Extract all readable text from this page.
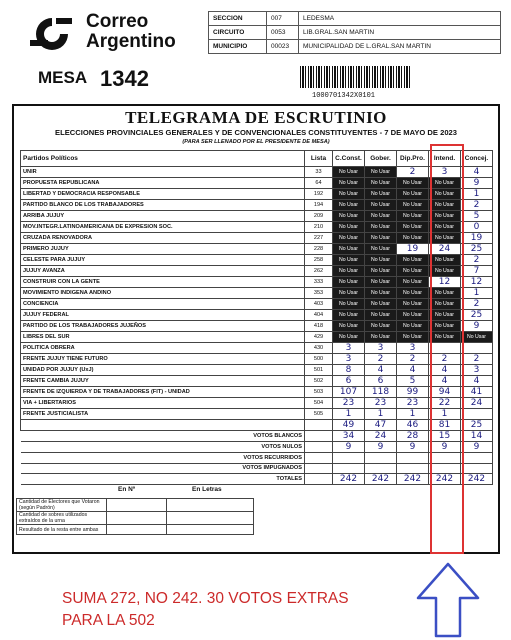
Correo
Argentino
SECCION	007	LEDESMA
CIRCUITO	0053	LIB.GRAL.SAN MARTIN
MUNICIPIO	00023	MUNICIPALIDAD DE L.GRAL.SAN MARTIN
MESA 1342
1000701342X0101
TELEGRAMA DE ESCRUTINIO
ELECCIONES PROVINCIALES GENERALES Y DE CONVENCIONALES CONSTITUYENTES - 7 DE MAYO DE 2023
(PARA SER LLENADO POR EL PRESIDENTE DE MESA)
Partidos Políticos	Lista	C.Const.	Gober.	Dip.Pro.	Intend.	Concej.
UNIR	33	No Usar	No Usar	2	3	4
PROPUESTA REPUBLICANA	64	No Usar	No Usar	No Usar	No Usar	9
LIBERTAD Y DEMOCRACIA RESPONSABLE	192	No Usar	No Usar	No Usar	No Usar	1
PARTIDO BLANCO DE LOS TRABAJADORES	194	No Usar	No Usar	No Usar	No Usar	2
ARRIBA JUJUY	209	No Usar	No Usar	No Usar	No Usar	5
MOV.INTEGR.LATINOAMERICANA DE EXPRESION SOC.	210	No Usar	No Usar	No Usar	No Usar	0
CRUZADA RENOVADORA	227	No Usar	No Usar	No Usar	No Usar	19
PRIMERO JUJUY	228	No Usar	No Usar	19	24	25
CELESTE PARA JUJUY	258	No Usar	No Usar	No Usar	No Usar	2
JUJUY AVANZA	262	No Usar	No Usar	No Usar	No Usar	7
CONSTRUIR CON LA GENTE	333	No Usar	No Usar	No Usar	12	12
MOVIMIENTO INDIGENA ANDINO	353	No Usar	No Usar	No Usar	No Usar	1
CONCIENCIA	403	No Usar	No Usar	No Usar	No Usar	2
JUJUY FEDERAL	404	No Usar	No Usar	No Usar	No Usar	25
PARTIDO DE LOS TRABAJADORES JUJEÑOS	418	No Usar	No Usar	No Usar	No Usar	9
LIBRES DEL SUR	429	No Usar	No Usar	No Usar	No Usar	No Usar
POLITICA OBRERA	430	3	3	3		
FRENTE JUJUY TIENE FUTURO	500	3	2	2	2	2
UNIDAD POR JUJUY (UxJ)	501	8	4	4	4	3
FRENTE CAMBIA JUJUY	502	6	6	5	4	4
FRENTE DE IZQUIERDA Y DE TRABAJADORES (FIT) - UNIDAD	503	107	118	99	94	41
VIA + LIBERTARIOS	504	23	23	23	22	24
FRENTE JUSTICIALISTA	505	1	1	1	1	
		49	47	46	81	25
VOTOS BLANCOS		34	24	28	15	14
VOTOS NULOS		9	9	9	9	9
VOTOS RECURRIDOS						
VOTOS IMPUGNADOS						
TOTALES		242	242	242	242	242
En Nº	En Letras
Cantidad de Electores que Votaron (según Padrón)		
Cantidad de sobres utilizados extraídos de la urna		
Resultado de la resta entre ambas		
SUMA 272, NO 242. 30 VOTOS EXTRAS
PARA LA 502
